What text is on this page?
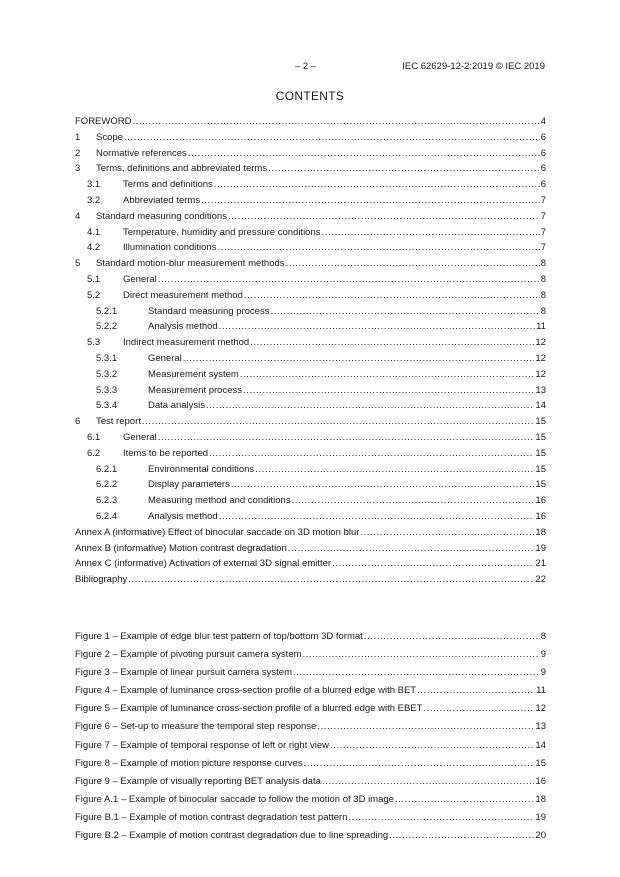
– 2 –	IEC 62629-12-2:2019 © IEC 2019
CONTENTS
FOREWORD .....	4
1	Scope .....	6
2	Normative references .....	6
3	Terms, definitions and abbreviated terms .....	6
3.1	Terms and definitions .....	6
3.2	Abbreviated terms .....	7
4	Standard measuring conditions .....	7
4.1	Temperature, humidity and pressure conditions .....	7
4.2	Illumination conditions .....	7
5	Standard motion-blur measurement methods .....	8
5.1	General .....	8
5.2	Direct measurement method .....	8
5.2.1	Standard measuring process .....	8
5.2.2	Analysis method .....	11
5.3	Indirect measurement method .....	12
5.3.1	General .....	12
5.3.2	Measurement system .....	12
5.3.3	Measurement process .....	13
5.3.4	Data analysis .....	14
6	Test report .....	15
6.1	General .....	15
6.2	Items to be reported .....	15
6.2.1	Environmental conditions .....	15
6.2.2	Display parameters .....	15
6.2.3	Measuring method and conditions .....	16
6.2.4	Analysis method .....	16
Annex A (informative) Effect of binocular saccade on 3D motion blur .....	18
Annex B (informative) Motion contrast degradation .....	19
Annex C (informative) Activation of external 3D signal emitter .....	21
Bibliography .....	22
Figure 1 – Example of edge blur test pattern of top/bottom 3D format .....	8
Figure 2 – Example of pivoting pursuit camera system .....	9
Figure 3 – Example of linear pursuit camera system .....	9
Figure 4 – Example of luminance cross-section profile of a blurred edge with BET .....	11
Figure 5 – Example of luminance cross-section profile of a blurred edge with EBET .....	12
Figure 6 – Set-up to measure the temporal step response .....	13
Figure 7 – Example of temporal response of left or right view .....	14
Figure 8 – Example of motion picture response curves .....	15
Figure 9 – Example of visually reporting BET analysis data .....	16
Figure A.1 – Example of binocular saccade to follow the motion of 3D image .....	18
Figure B.1 – Example of motion contrast degradation test pattern .....	19
Figure B.2 – Example of motion contrast degradation due to line spreading .....	20
